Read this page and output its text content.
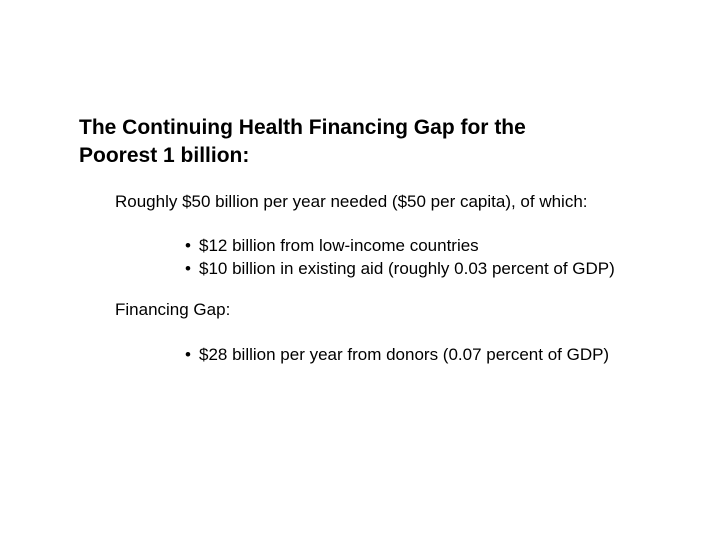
The Continuing Health Financing Gap for the
Poorest 1 billion:

Roughly $50 billion per year needed ($50 per capita), of which:

• $12 billion from low-income countries
• $10 billion in existing aid (roughly 0.03 percent of GDP)

Financing Gap:

• $28 billion per year from donors (0.07 percent of GDP)
